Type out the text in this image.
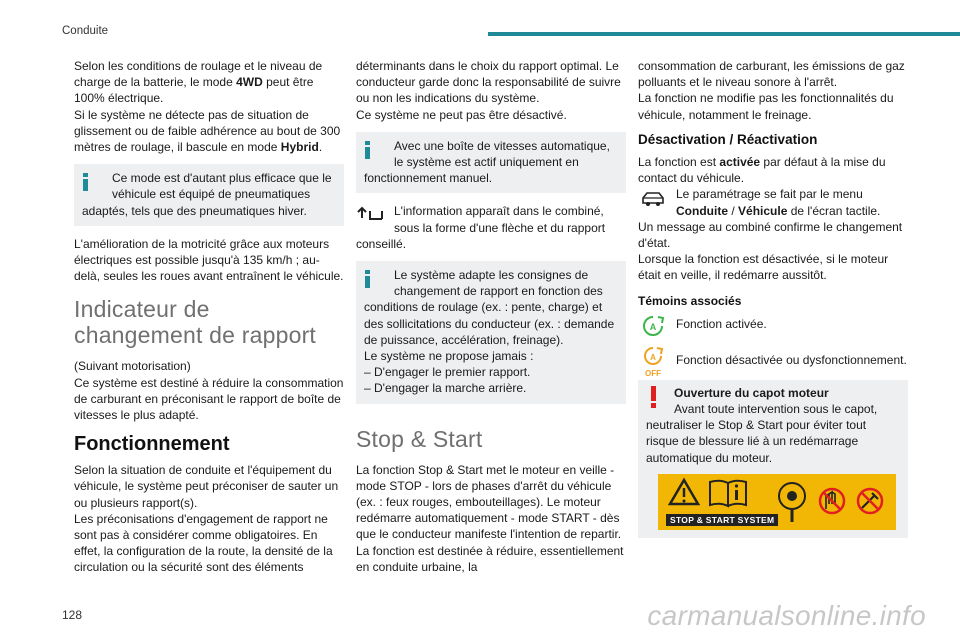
Conduite
Selon les conditions de roulage et le niveau de charge de la batterie, le mode 4WD peut être 100% électrique.
Si le système ne détecte pas de situation de glissement ou de faible adhérence au bout de 300 mètres de roulage, il bascule en mode Hybrid.
Ce mode est d'autant plus efficace que le véhicule est équipé de pneumatiques
adaptés, tels que des pneumatiques hiver.
L'amélioration de la motricité grâce aux moteurs électriques est possible jusqu'à 135 km/h ; au-delà, seules les roues avant entraînent le véhicule.
Indicateur de changement de rapport
(Suivant motorisation)
Ce système est destiné à réduire la consommation de carburant en préconisant le rapport de boîte de vitesses le plus adapté.
Fonctionnement
Selon la situation de conduite et l'équipement du véhicule, le système peut préconiser de sauter un ou plusieurs rapport(s).
Les préconisations d'engagement de rapport ne sont pas à considérer comme obligatoires. En effet, la configuration de la route, la densité de la circulation ou la sécurité sont des éléments
déterminants dans le choix du rapport optimal. Le conducteur garde donc la responsabilité de suivre ou non les indications du système.
Ce système ne peut pas être désactivé.
Avec une boîte de vitesses automatique, le système est actif uniquement en
fonctionnement manuel.
L'information apparaît dans le combiné, sous la forme d'une flèche et du rapport
conseillé.
Le système adapte les consignes de changement de rapport en fonction des
conditions de roulage (ex. : pente, charge) et des sollicitations du conducteur (ex. : demande de puissance, accélération, freinage).
Le système ne propose jamais :
– D'engager le premier rapport.
– D'engager la marche arrière.
Stop & Start
La fonction Stop & Start met le moteur en veille - mode STOP - lors de phases d'arrêt du véhicule (ex. : feux rouges, embouteillages). Le moteur redémarre automatiquement - mode START - dès que le conducteur manifeste l'intention de repartir.
La fonction est destinée à réduire, essentiellement en conduite urbaine, la
consommation de carburant, les émissions de gaz polluants et le niveau sonore à l'arrêt.
La fonction ne modifie pas les fonctionnalités du véhicule, notamment le freinage.
Désactivation / Réactivation
La fonction est activée par défaut à la mise du contact du véhicule.
Le paramétrage se fait par le menu Conduite / Véhicule de l'écran tactile.
Un message au combiné confirme le changement d'état.
Lorsque la fonction est désactivée, si le moteur était en veille, il redémarre aussitôt.
Témoins associés
A Fonction activée.
A
OFF
Fonction désactivée ou dysfonctionnement.
Ouverture du capot moteur
Avant toute intervention sous le capot,
neutraliser le Stop & Start pour éviter tout risque de blessure lié à un redémarrage automatique du moteur.
STOP & START SYSTEM
128	carmanualsonline.info
